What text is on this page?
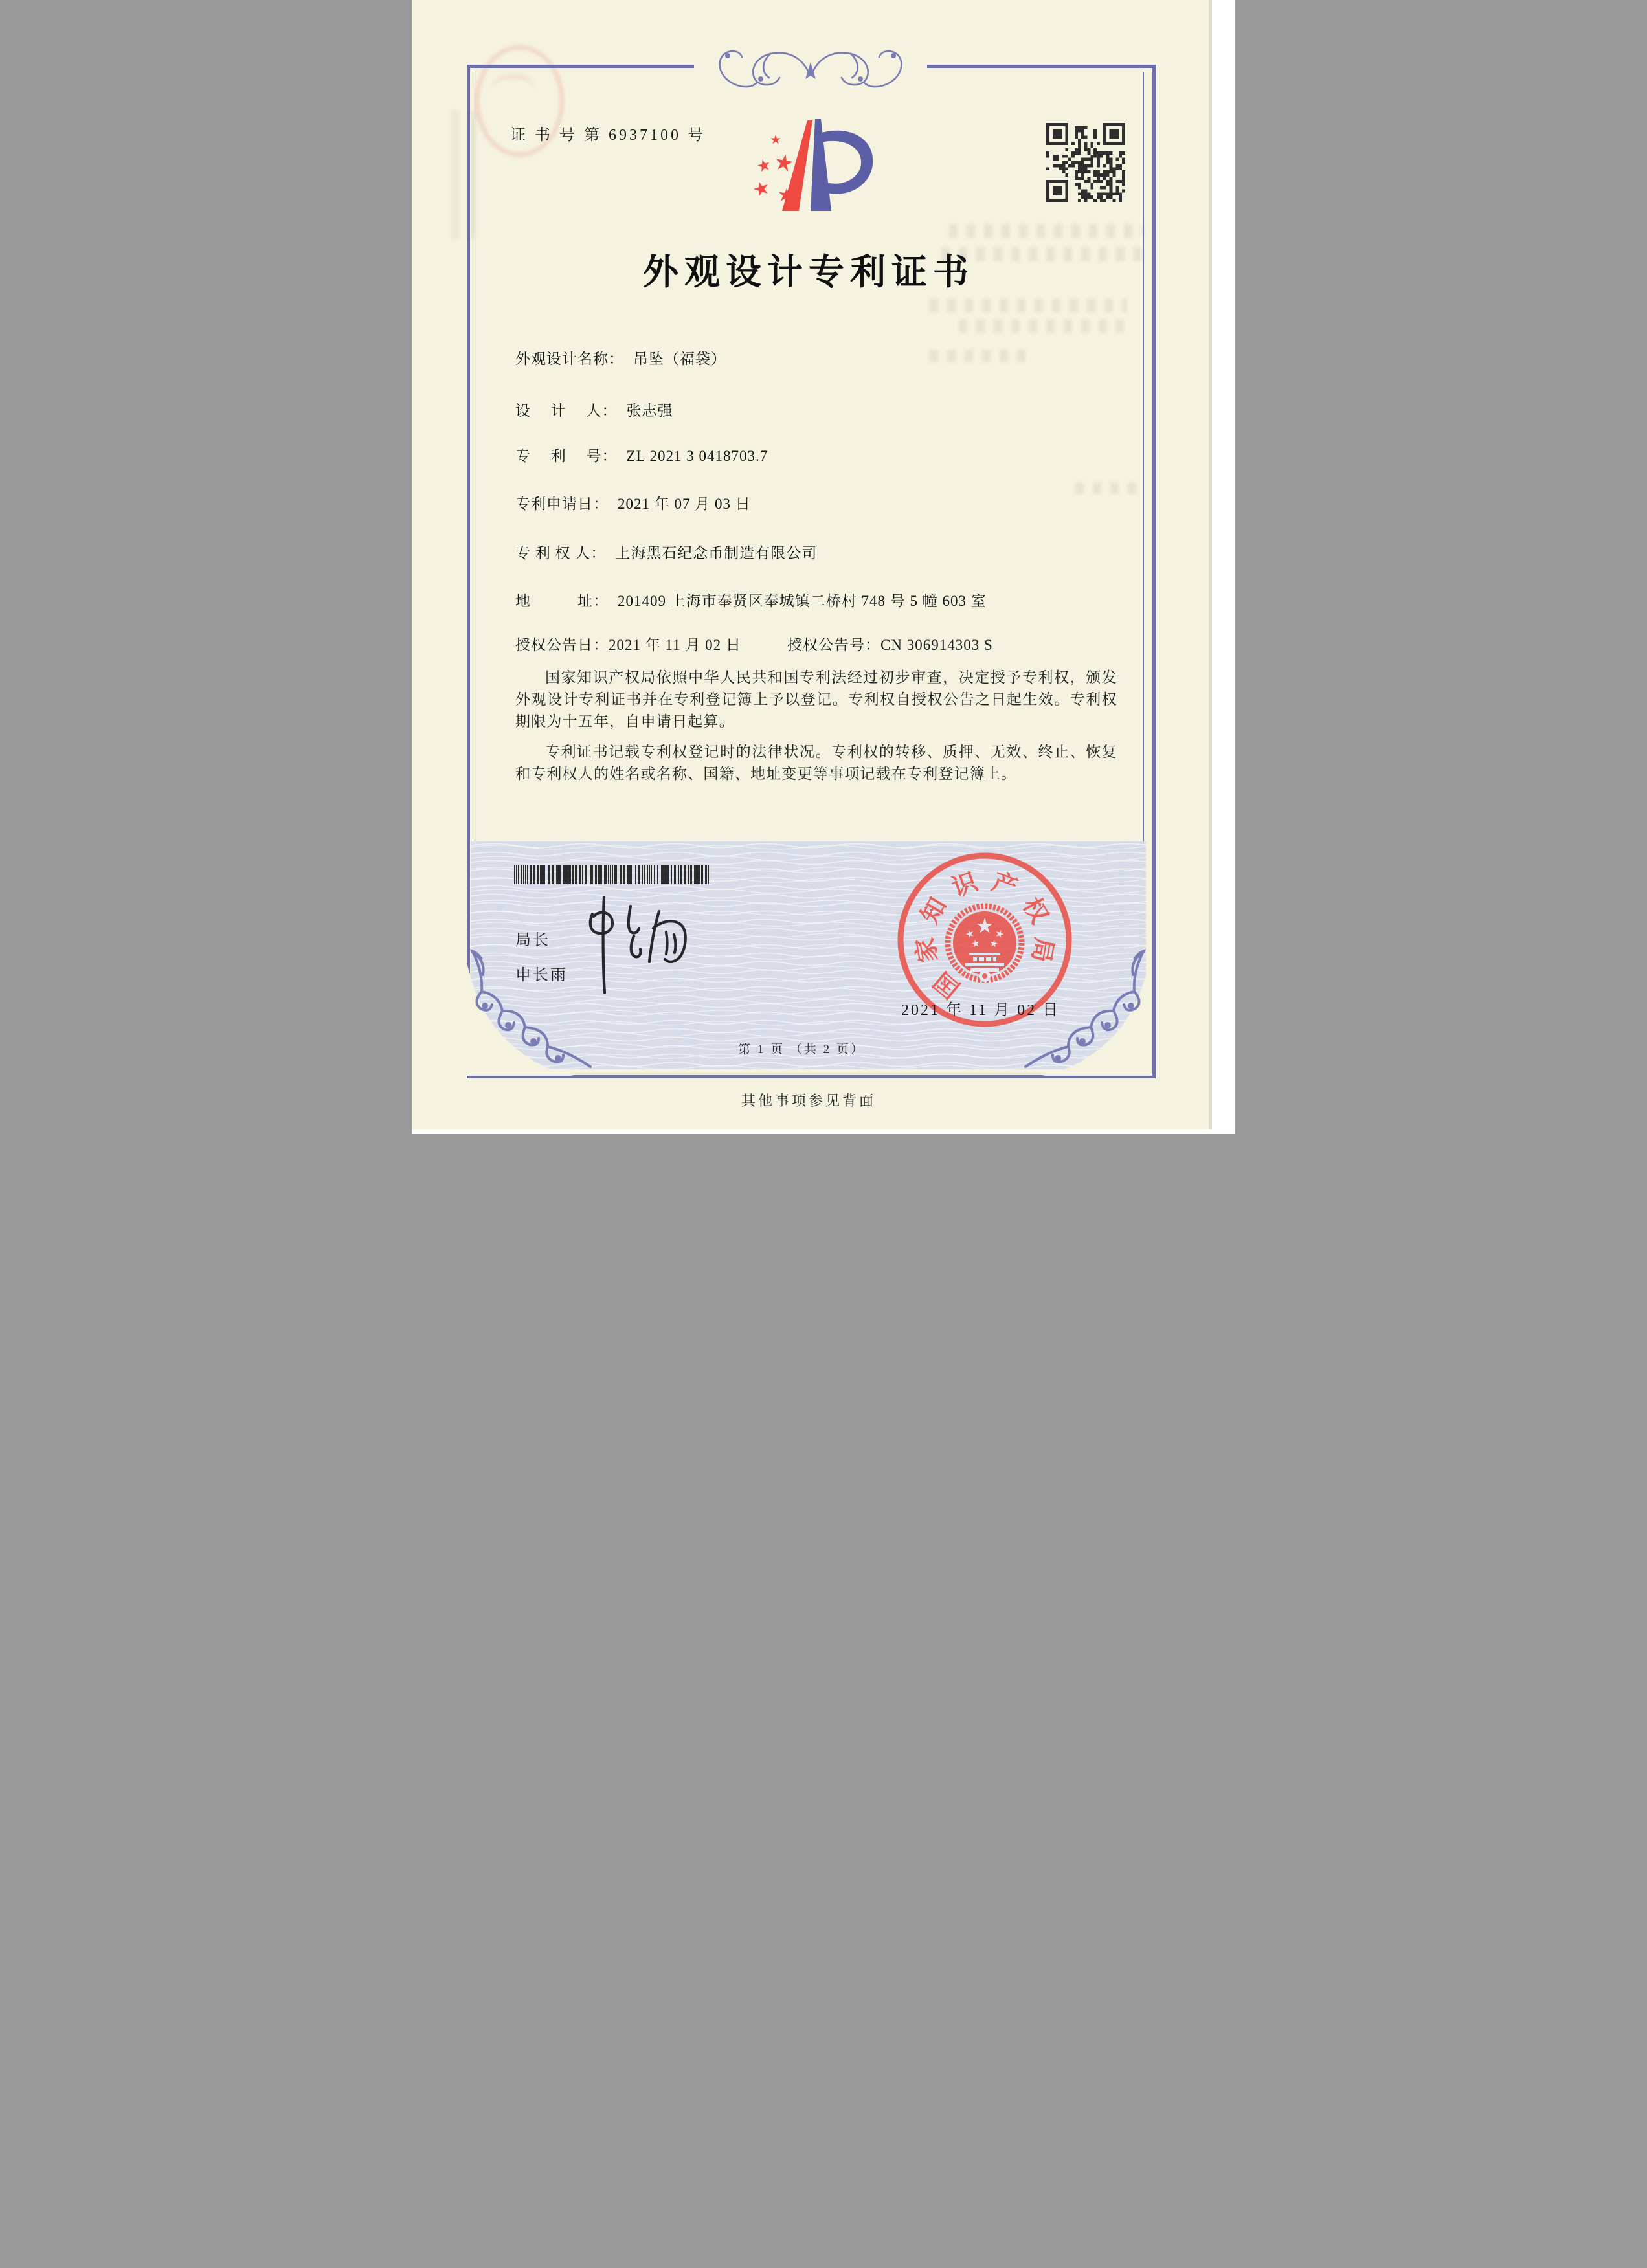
证 书 号 第 6937100 号
外观设计专利证书
外观设计名称： 吊坠（福袋）
设　 计 　人： 张志强
专　 利 　号： ZL 2021 3 0418703.7
专利申请日： 2021 年 07 月 03 日
专 利 权 人： 上海黑石纪念币制造有限公司
地　　　址： 201409 上海市奉贤区奉城镇二桥村 748 号 5 幢 603 室
授权公告日：2021 年 11 月 02 日	授权公告号：CN 306914303 S

国家知识产权局依照中华人民共和国专利法经过初步审查，决定授予专利权，颁发外观设计专利证书并在专利登记簿上予以登记。专利权自授权公告之日起生效。专利权期限为十五年，自申请日起算。

专利证书记载专利权登记时的法律状况。专利权的转移、质押、无效、终止、恢复和专利权人的姓名或名称、国籍、地址变更等事项记载在专利登记簿上。

局长
申长雨	国
家
知
识 产
权
局
2021 年 11 月 02 日
第 1 页 （共 2 页）
其他事项参见背面
